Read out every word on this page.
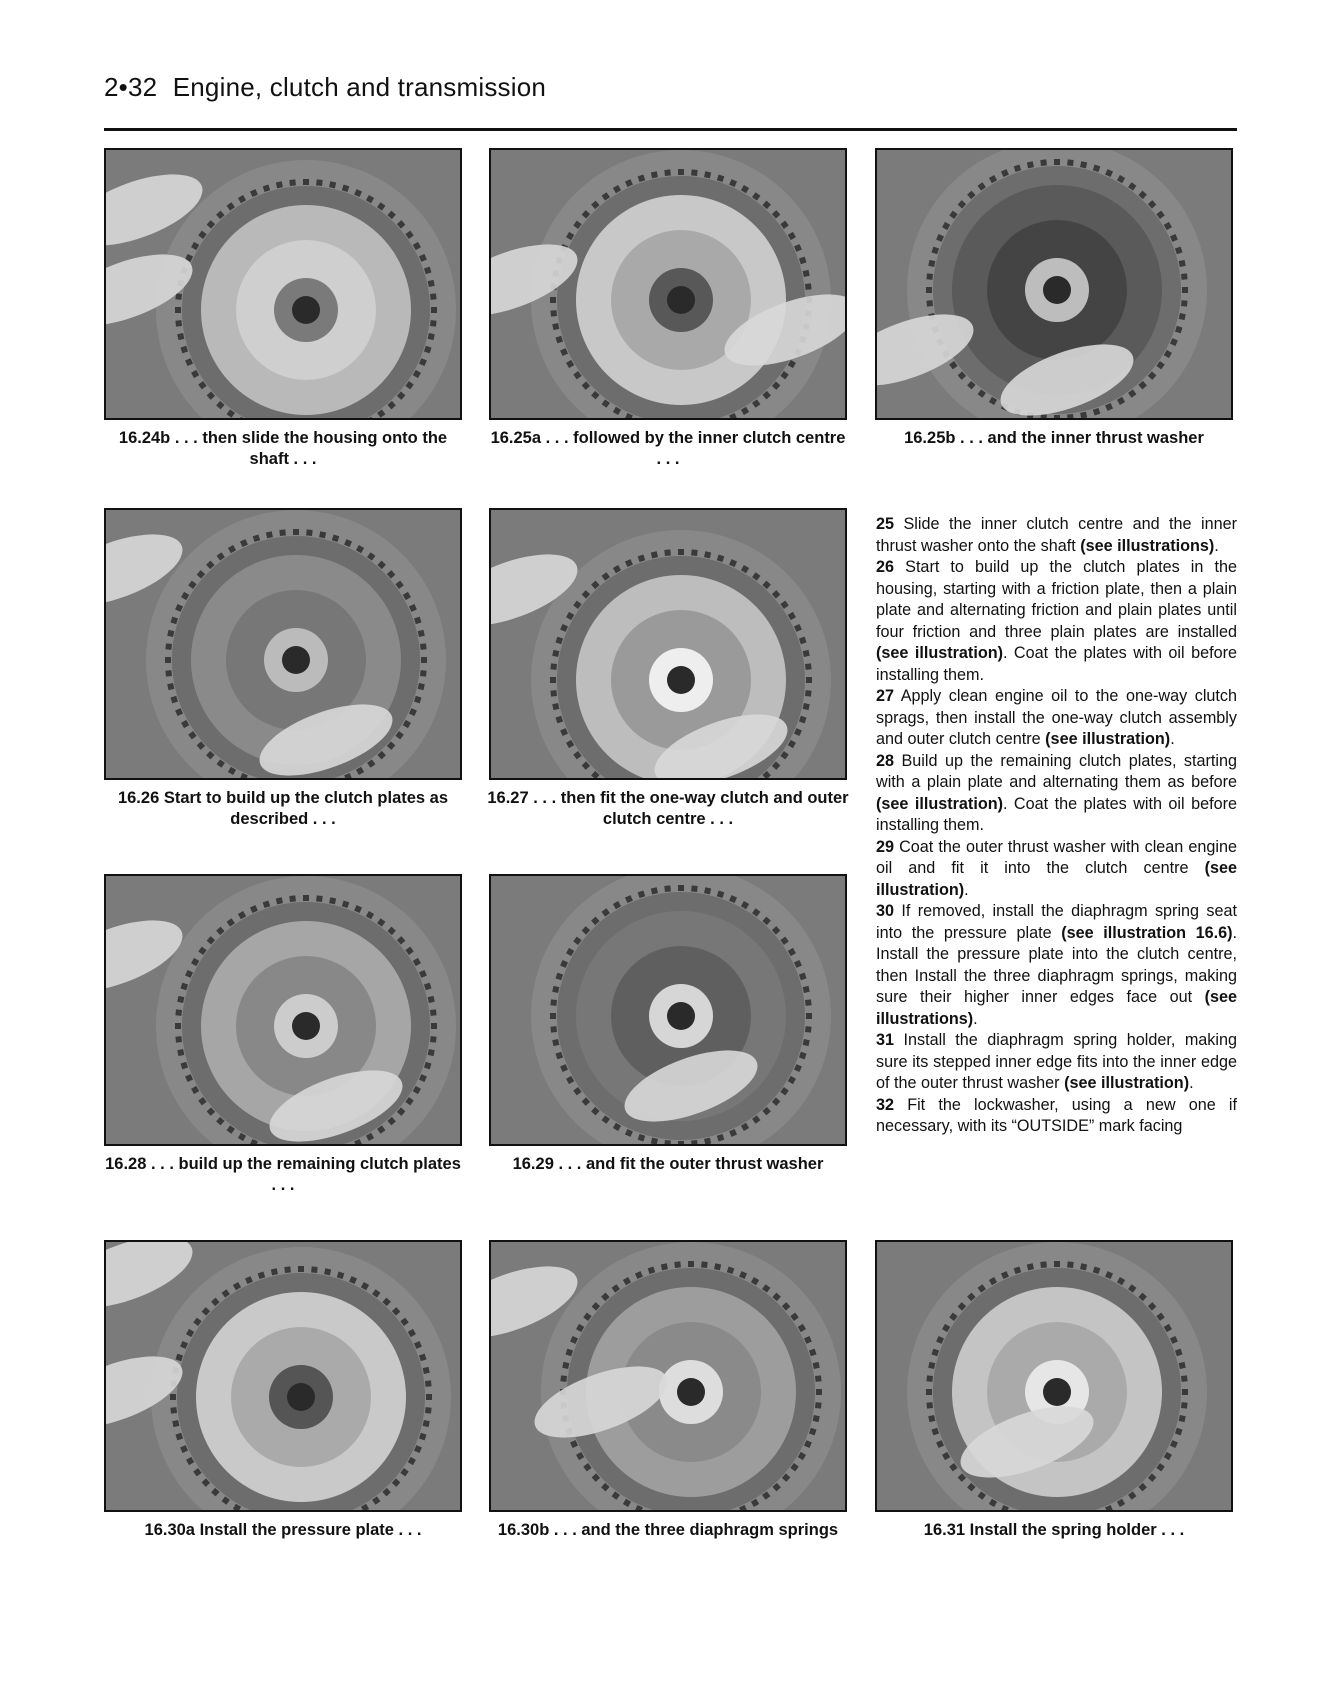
2•32 Engine, clutch and transmission
16.24b . . . then slide the housing onto the shaft . . .
16.25a . . . followed by the inner clutch centre . . .
16.25b . . . and the inner thrust washer
16.26 Start to build up the clutch plates as described . . .
16.27 . . . then fit the one-way clutch and outer clutch centre . . .
16.28 . . . build up the remaining clutch plates . . .
16.29 . . . and fit the outer thrust washer
16.30a Install the pressure plate . . .	16.30b . . . and the three diaphragm springs	16.31 Install the spring holder . . .

25 Slide the inner clutch centre and the inner thrust washer onto the shaft (see illustrations).

26 Start to build up the clutch plates in the housing, starting with a friction plate, then a plain plate and alternating friction and plain plates until four friction and three plain plates are installed (see illustration). Coat the plates with oil before installing them.

27 Apply clean engine oil to the one-way clutch sprags, then install the one-way clutch assembly and outer clutch centre (see illustration).

28 Build up the remaining clutch plates, starting with a plain plate and alternating them as before (see illustration). Coat the plates with oil before installing them.

29 Coat the outer thrust washer with clean engine oil and fit it into the clutch centre (see illustration).

30 If removed, install the diaphragm spring seat into the pressure plate (see illustration 16.6). Install the pressure plate into the clutch centre, then Install the three diaphragm springs, making sure their higher inner edges face out (see illustrations).

31 Install the diaphragm spring holder, making sure its stepped inner edge fits into the inner edge of the outer thrust washer (see illustration).

32 Fit the lockwasher, using a new one if necessary, with its “OUTSIDE” mark facing
